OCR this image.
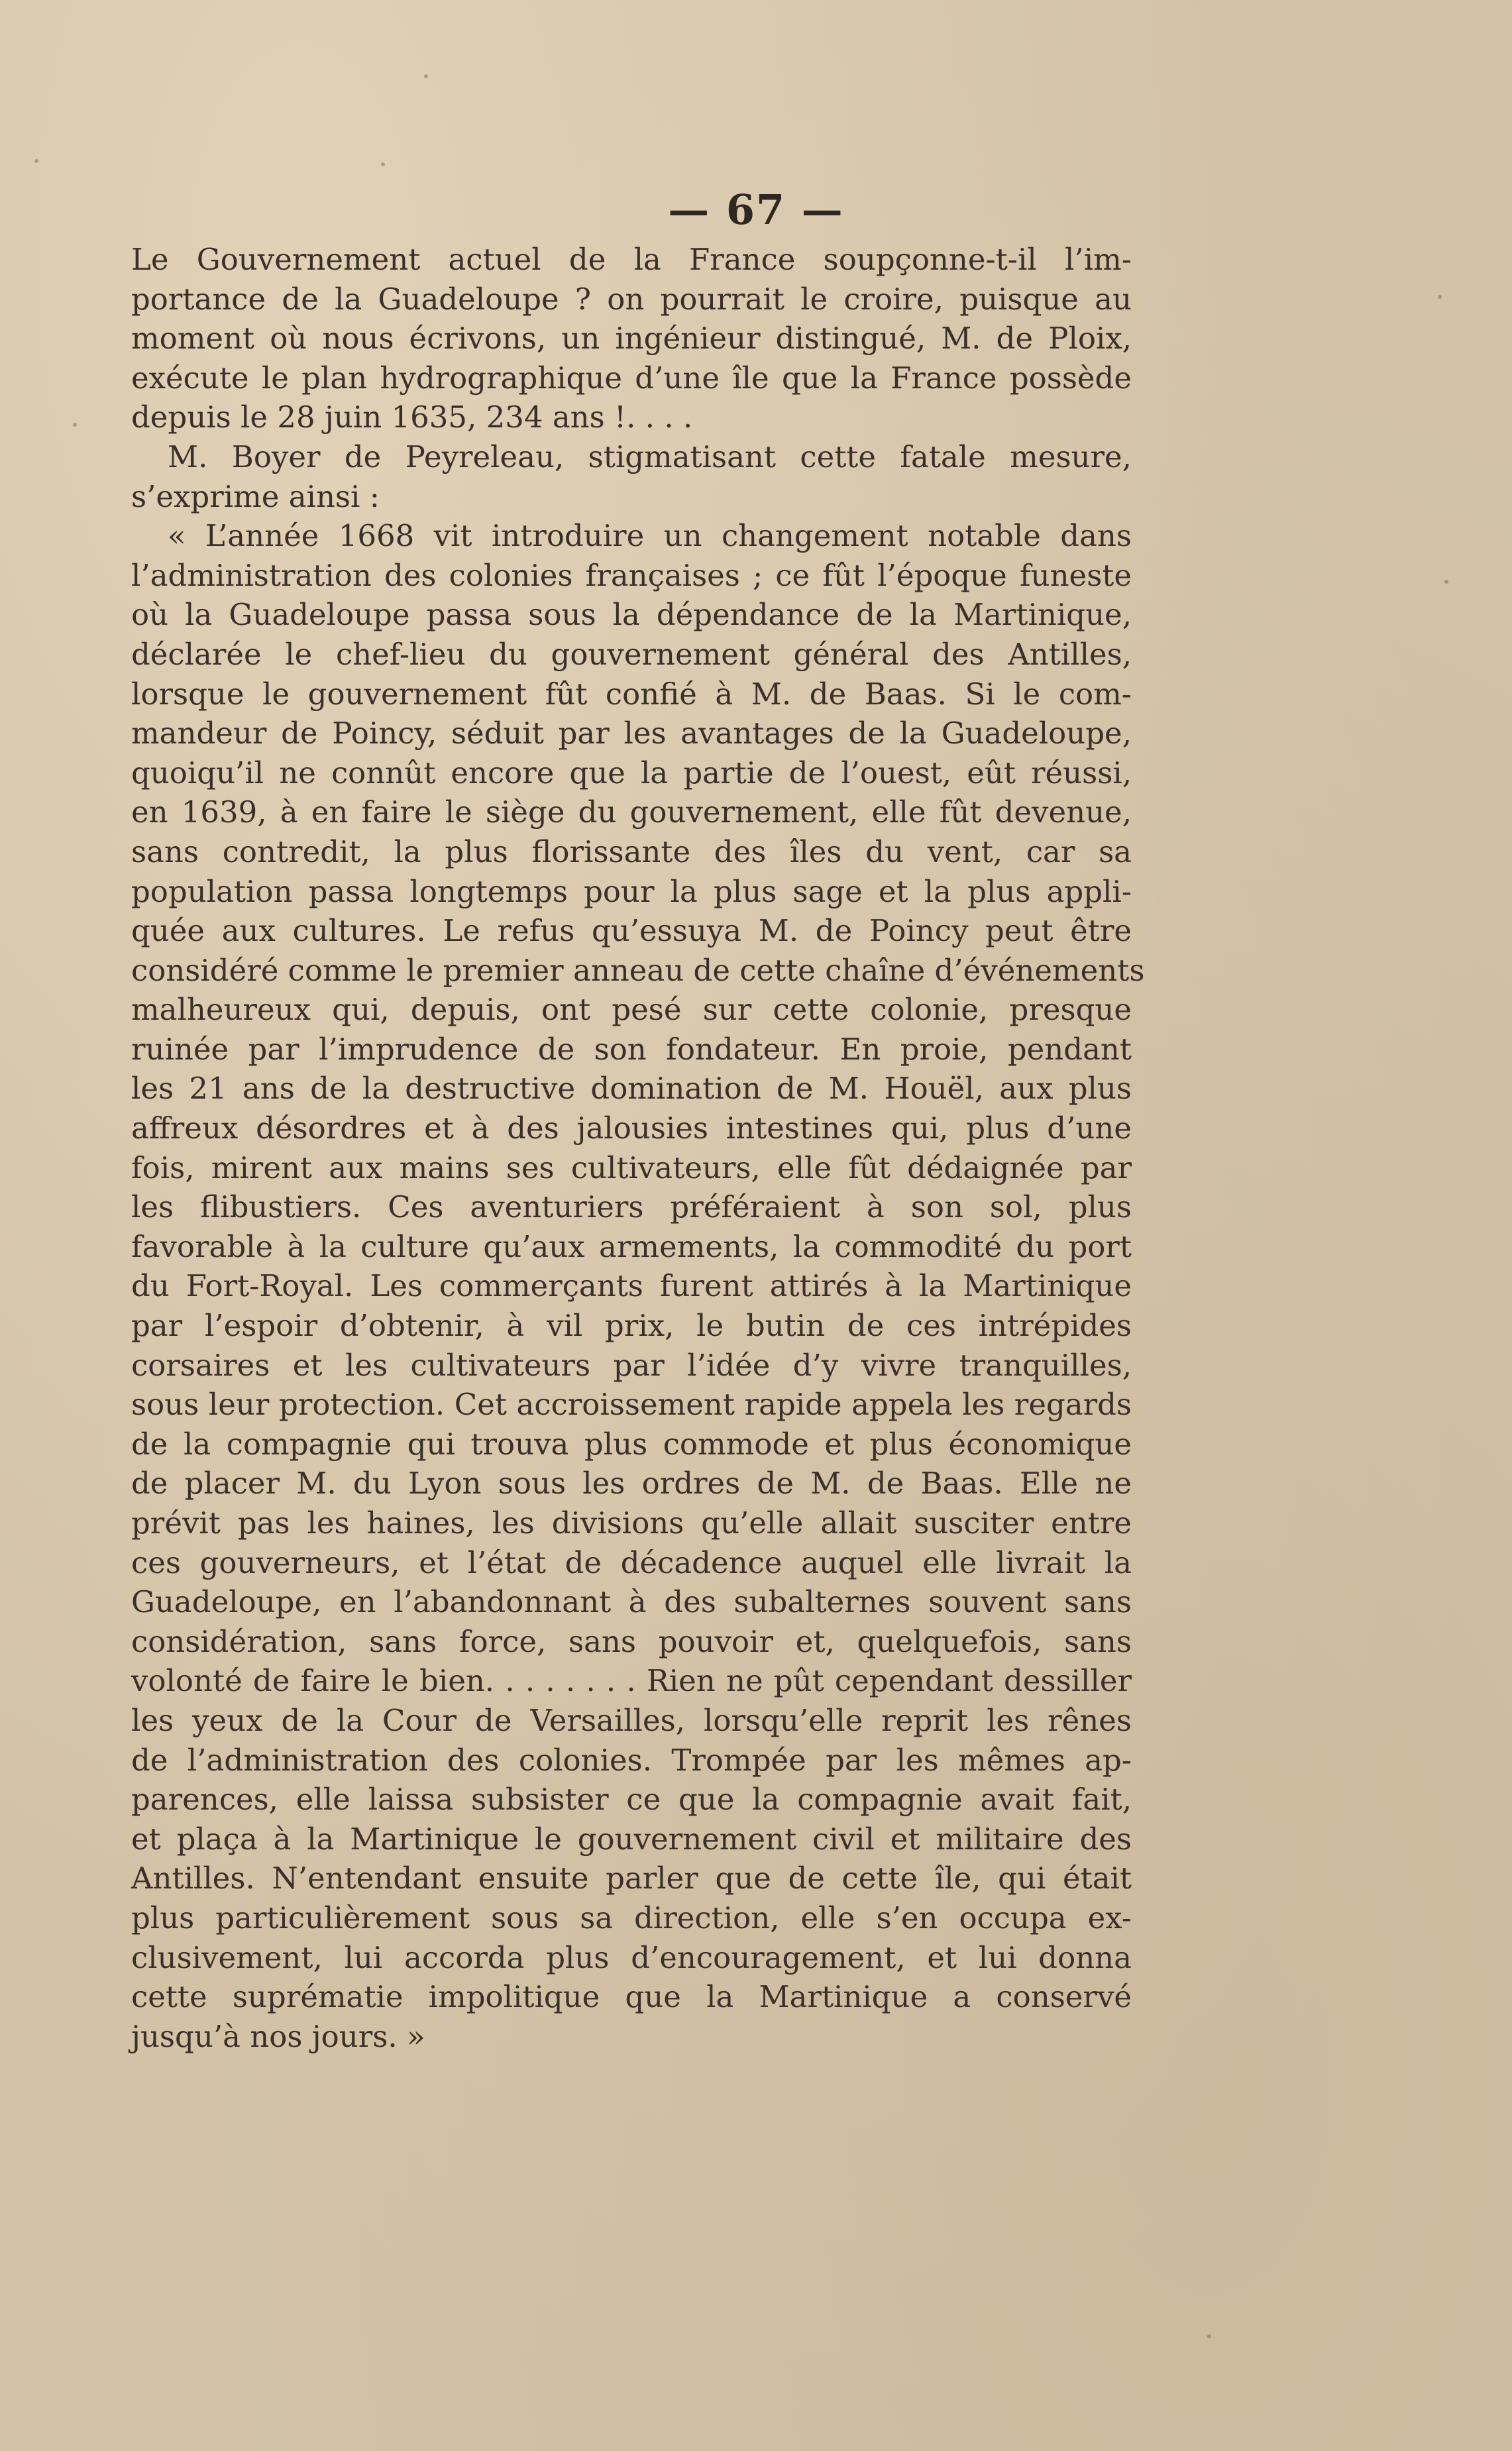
— 67 —
Le Gouvernement actuel de la France soupçonne-t-il l’im-
portance de la Guadeloupe ? on pourrait le croire, puisque au
moment où nous écrivons, un ingénieur distingué, M. de Ploix,
exécute le plan hydrographique d’une île que la France possède
depuis le 28 juin 1635, 234 ans !. . . .
M. Boyer de Peyreleau, stigmatisant cette fatale mesure,
s’exprime ainsi :
« L’année 1668 vit introduire un changement notable dans
l’administration des colonies françaises ; ce fût l’époque funeste
où la Guadeloupe passa sous la dépendance de la Martinique,
déclarée le chef-lieu du gouvernement général des Antilles,
lorsque le gouvernement fût confié à M. de Baas. Si le com-
mandeur de Poincy, séduit par les avantages de la Guadeloupe,
quoiqu’il ne connût encore que la partie de l’ouest, eût réussi,
en 1639, à en faire le siège du gouvernement, elle fût devenue,
sans contredit, la plus florissante des îles du vent, car sa
population passa longtemps pour la plus sage et la plus appli-
quée aux cultures. Le refus qu’essuya M. de Poincy peut être
considéré comme le premier anneau de cette chaîne d’événements
malheureux qui, depuis, ont pesé sur cette colonie, presque
ruinée par l’imprudence de son fondateur. En proie, pendant
les 21 ans de la destructive domination de M. Houël, aux plus
affreux désordres et à des jalousies intestines qui, plus d’une
fois, mirent aux mains ses cultivateurs, elle fût dédaignée par
les flibustiers. Ces aventuriers préféraient à son sol, plus
favorable à la culture qu’aux armements, la commodité du port
du Fort-Royal. Les commerçants furent attirés à la Martinique
par l’espoir d’obtenir, à vil prix, le butin de ces intrépides
corsaires et les cultivateurs par l’idée d’y vivre tranquilles,
sous leur protection. Cet accroissement rapide appela les regards
de la compagnie qui trouva plus commode et plus économique
de placer M. du Lyon sous les ordres de M. de Baas. Elle ne
prévit pas les haines, les divisions qu’elle allait susciter entre
ces gouverneurs, et l’état de décadence auquel elle livrait la
Guadeloupe, en l’abandonnant à des subalternes souvent sans
considération, sans force, sans pouvoir et, quelquefois, sans
volonté de faire le bien. . . . . . . . Rien ne pût cependant dessiller
les yeux de la Cour de Versailles, lorsqu’elle reprit les rênes
de l’administration des colonies. Trompée par les mêmes ap-
parences, elle laissa subsister ce que la compagnie avait fait,
et plaça à la Martinique le gouvernement civil et militaire des
Antilles. N’entendant ensuite parler que de cette île, qui était
plus particulièrement sous sa direction, elle s’en occupa ex-
clusivement, lui accorda plus d’encouragement, et lui donna
cette suprématie impolitique que la Martinique a conservé
jusqu’à nos jours. »
